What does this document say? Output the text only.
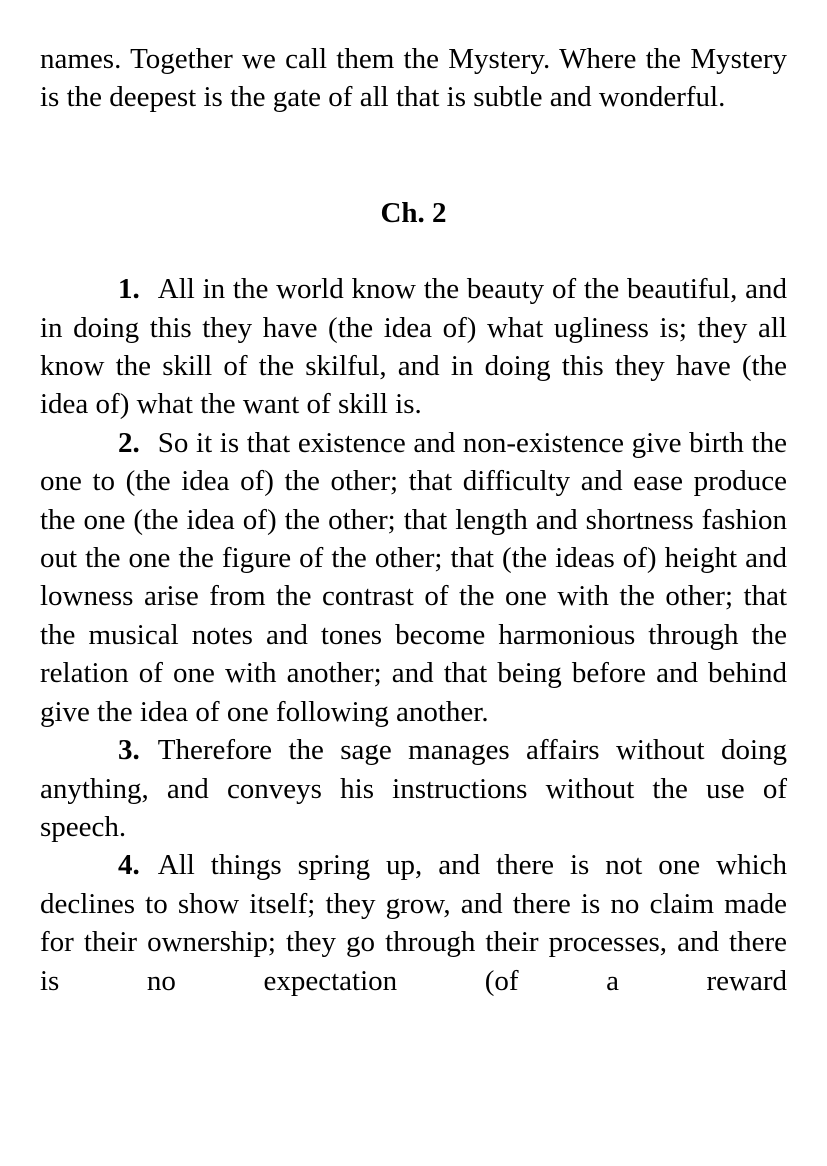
names. Together we call them the Mystery. Where the Mystery is the deepest is the gate of all that is subtle and wonderful.

Ch. 2

1. All in the world know the beauty of the beautiful, and in doing this they have (the idea of) what ugliness is; they all know the skill of the skilful, and in doing this they have (the idea of) what the want of skill is.

2. So it is that existence and non-existence give birth the one to (the idea of) the other; that difficulty and ease produce the one (the idea of) the other; that length and shortness fashion out the one the figure of the other; that (the ideas of) height and lowness arise from the contrast of the one with the other; that the musical notes and tones become harmonious through the relation of one with another; and that being before and behind give the idea of one following another.

3. Therefore the sage manages affairs without doing anything, and conveys his instructions without the use of speech.

4. All things spring up, and there is not one which declines to show itself; they grow, and there is no claim made for their ownership; they go through their processes, and there is no expectation (of a reward
